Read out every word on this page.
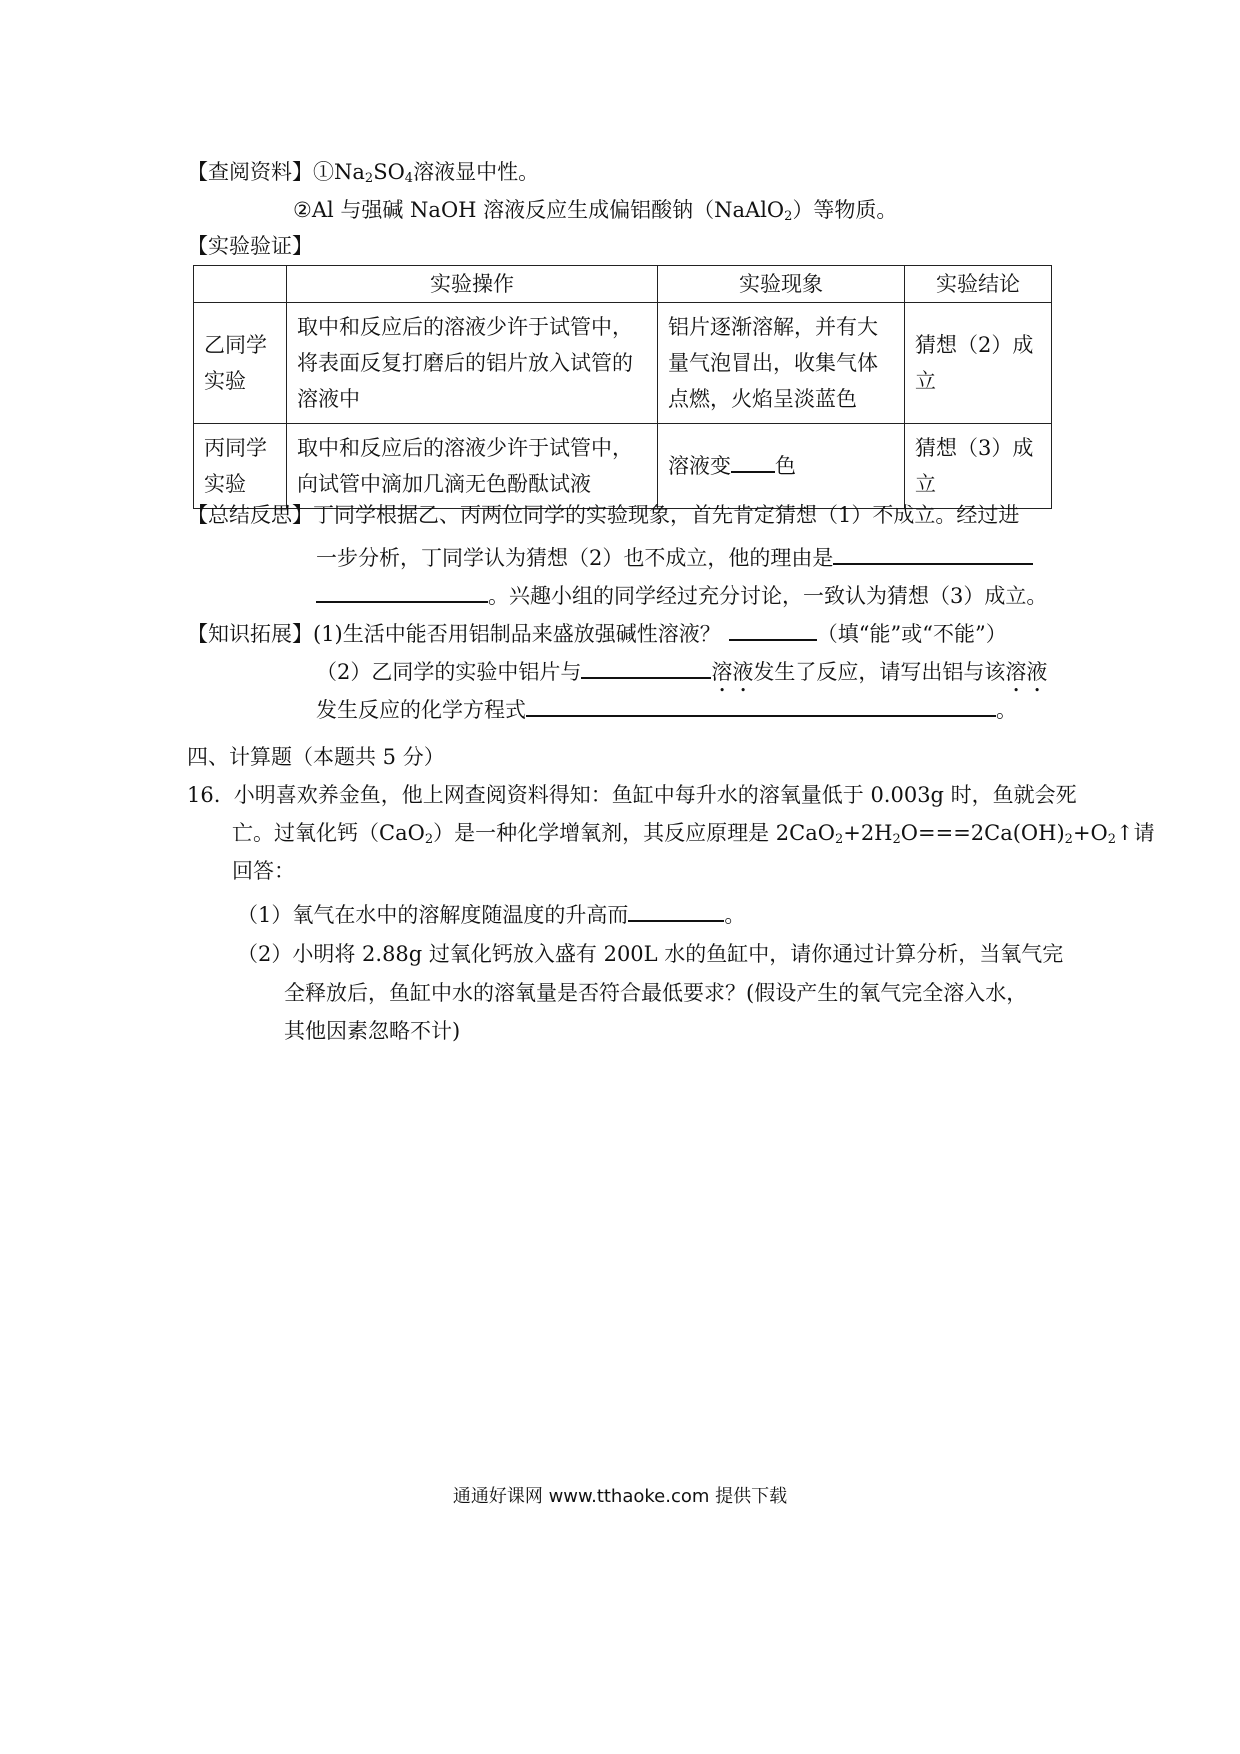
【查阅资料】$①Na_2SO_4$溶液显中性。
②Al 与强碱 NaOH 溶液反应生成偏铝酸钠（NaAlO$_2$）等物质。
【实验验证】
	实验操作	实验现象	实验结论
乙同学实验	取中和反应后的溶液少许于试管中，将表面反复打磨后的铝片放入试管的溶液中	铝片逐渐溶解，并有大量气泡冒出，收集气体点燃，火焰呈淡蓝色	猜想（2）成立
丙同学实验	取中和反应后的溶液少许于试管中，向试管中滴加几滴无色酚酞试液	溶液变 色	猜想（3）成立
【总结反思】丁同学根据乙、丙两位同学的实验现象，首先肯定猜想（1）不成立。经过进
一步分析，丁同学认为猜想（2）也不成立，他的理由是
。兴趣小组的同学经过充分讨论，一致认为猜想（3）成立。
【知识拓展】(1)生活中能否用铝制品来盛放强碱性溶液？	（填“能”或“不能”）
（2）乙同学的实验中铝片与	溶液发生了反应，请写出铝与该溶液
发生反应的化学方程式	。
四、计算题（本题共 5 分）
16. 小明喜欢养金鱼，他上网查阅资料得知：鱼缸中每升水的溶氧量低于 0.003g 时，鱼就会死
亡。过氧化钙（CaO$_2$）是一种化学增氧剂，其反应原理是 $2CaO_2+2H_2O===2Ca(OH)_2+O_2↑$请
回答：
（1）氧气在水中的溶解度随温度的升高而	。
（2）小明将 2.88g 过氧化钙放入盛有 200L 水的鱼缸中，请你通过计算分析，当氧气完
全释放后，鱼缸中水的溶氧量是否符合最低要求？(假设产生的氧气完全溶入水，
其他因素忽略不计)
通通好课网 www.tthaoke.com 提供下载
